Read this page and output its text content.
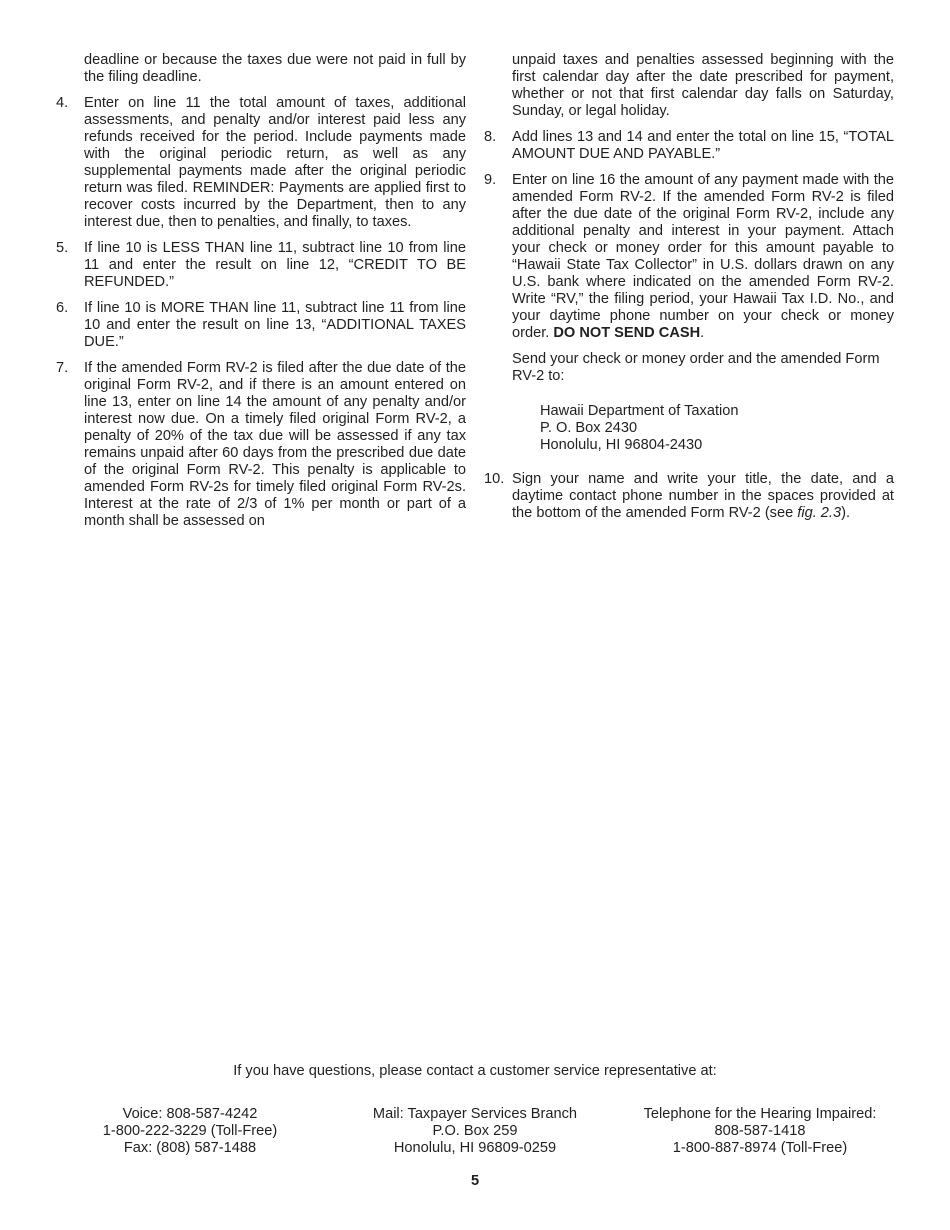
deadline or because the taxes due were not paid in full by the filing deadline.

4.	Enter on line 11 the total amount of taxes, additional assessments, and penalty and/or interest paid less any refunds received for the period. Include payments made with the original periodic return, as well as any supplemental payments made after the original periodic return was filed. REMINDER: Payments are applied first to recover costs incurred by the Department, then to any interest due, then to penalties, and finally, to taxes.
5.	If line 10 is LESS THAN line 11, subtract line 10 from line 11 and enter the result on line 12, “CREDIT TO BE REFUNDED.”
6.	If line 10 is MORE THAN line 11, subtract line 11 from line 10 and enter the result on line 13, “ADDITIONAL TAXES DUE.”
7.	If the amended Form RV-2 is filed after the due date of the original Form RV-2, and if there is an amount entered on line 13, enter on line 14 the amount of any penalty and/or interest now due. On a timely filed original Form RV-2, a penalty of 20% of the tax due will be assessed if any tax remains unpaid after 60 days from the prescribed due date of the original Form RV-2. This penalty is applicable to amended Form RV-2s for timely filed original Form RV-2s. Interest at the rate of 2/3 of 1% per month or part of a month shall be assessed on

unpaid taxes and penalties assessed beginning with the first calendar day after the date prescribed for payment, whether or not that first calendar day falls on Saturday, Sunday, or legal holiday.

8.	Add lines 13 and 14 and enter the total on line 15, “TOTAL AMOUNT DUE AND PAYABLE.”
9.	Enter on line 16 the amount of any payment made with the amended Form RV-2. If the amended Form RV-2 is filed after the due date of the original Form RV-2, include any additional penalty and interest in your payment. Attach your check or money order for this amount payable to “Hawaii State Tax Collector” in U.S. dollars drawn on any U.S. bank where indicated on the amended Form RV-2. Write “RV,” the filing period, your Hawaii Tax I.D. No., and your daytime phone number on your check or money order. DO NOT SEND CASH.

Send your check or money order and the amended Form RV-2 to:

Hawaii Department of Taxation
P. O. Box 2430
Honolulu, HI 96804-2430
10. Sign your name and write your title, the date, and a daytime contact phone number in the spaces provided at the bottom of the amended Form RV-2 (see fig. 2.3).

If you have questions, please contact a customer service representative at:

Voice: 808-587-4242
1-800-222-3229 (Toll-Free)
Fax: (808) 587-1488
Mail: Taxpayer Services Branch
P.O. Box 259
Honolulu, HI 96809-0259
Telephone for the Hearing Impaired:
808-587-1418
1-800-887-8974 (Toll-Free)
5
